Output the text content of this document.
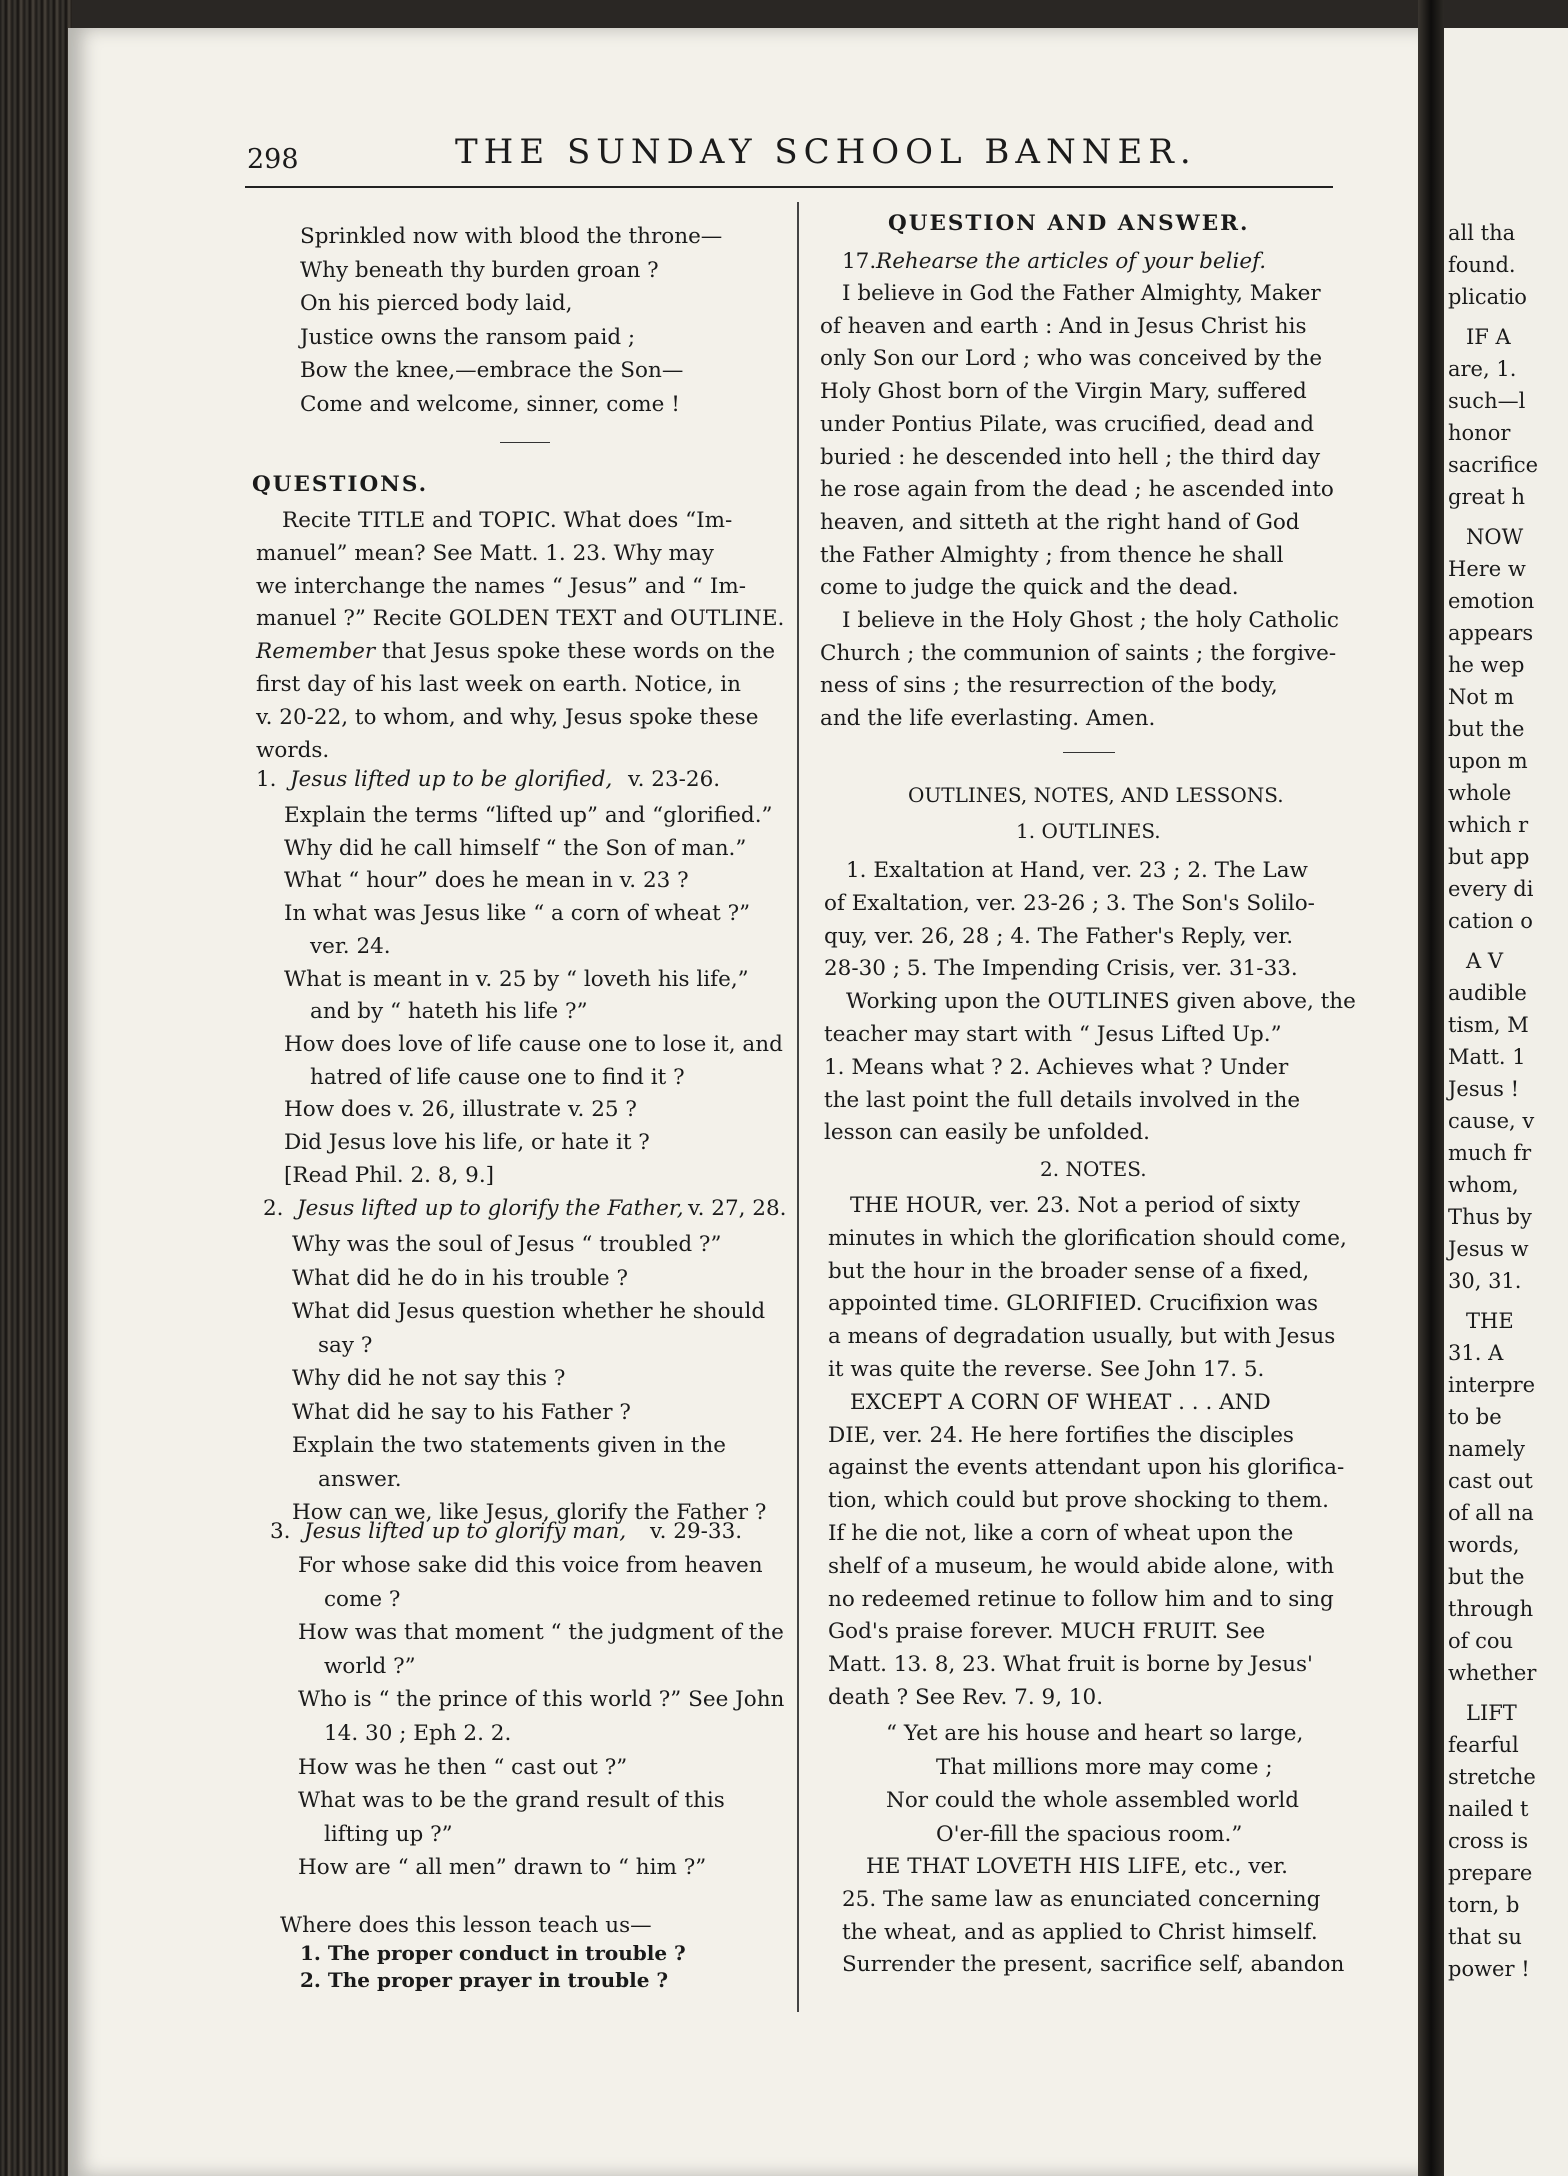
all tha
found.
plicatio
IF A
are, 1.
such—l
honor
sacrifice
great h
NOW
Here w
emotion
appears
he wep
Not m
but the
upon m
whole
which r
but app
every di
cation o
A V
audible
tism, M
Matt. 1
Jesus !
cause, v
much fr
whom,
Thus by
Jesus w
30, 31.
THE
31. A
interpre
to be
namely
cast out
of all na
words,
but the
through
of cou
whether
LIFT
fearful
stretche
nailed t
cross is
prepare
torn, b
that su
power !
298	THE SUNDAY SCHOOL BANNER.
Sprinkled now with blood the throne—
Why beneath thy burden groan ?
On his pierced body laid,
Justice owns the ransom paid ;
Bow the knee,—embrace the Son—
Come and welcome, sinner, come !
QUESTIONS.
Recite TITLE and TOPIC. What does “Im-
manuel” mean? See Matt. 1. 23. Why may
we interchange the names “ Jesus” and “ Im-
manuel ?” Recite GOLDEN TEXT and OUTLINE.
Remember that Jesus spoke these words on the
first day of his last week on earth. Notice, in
v. 20-22, to whom, and why, Jesus spoke these
words.
1. Jesus lifted up to be glorified, v. 23-26.
Explain the terms “lifted up” and “glorified.”
Why did he call himself “ the Son of man.”
What “ hour” does he mean in v. 23 ?
In what was Jesus like “ a corn of wheat ?”
ver. 24.
What is meant in v. 25 by “ loveth his life,”
and by “ hateth his life ?”
How does love of life cause one to lose it, and
hatred of life cause one to find it ?
How does v. 26, illustrate v. 25 ?
Did Jesus love his life, or hate it ?
[Read Phil. 2. 8, 9.]
2. Jesus lifted up to glorify the Father, v. 27, 28.
Why was the soul of Jesus “ troubled ?”
What did he do in his trouble ?
What did Jesus question whether he should
say ?
Why did he not say this ?
What did he say to his Father ?
Explain the two statements given in the
answer.
How can we, like Jesus, glorify the Father ?
3. Jesus lifted up to glorify man, v. 29-33.
For whose sake did this voice from heaven
come ?
How was that moment “ the judgment of the
world ?”
Who is “ the prince of this world ?” See John
14. 30 ; Eph 2. 2.
How was he then “ cast out ?”
What was to be the grand result of this
lifting up ?”
How are “ all men” drawn to “ him ?”
Where does this lesson teach us—
1. The proper conduct in trouble ?
2. The proper prayer in trouble ?
QUESTION AND ANSWER.
17. Rehearse the articles of your belief.
I believe in God the Father Almighty, Maker
of heaven and earth : And in Jesus Christ his
only Son our Lord ; who was conceived by the
Holy Ghost born of the Virgin Mary, suffered
under Pontius Pilate, was crucified, dead and
buried : he descended into hell ; the third day
he rose again from the dead ; he ascended into
heaven, and sitteth at the right hand of God
the Father Almighty ; from thence he shall
come to judge the quick and the dead.
I believe in the Holy Ghost ; the holy Catholic
Church ; the communion of saints ; the forgive-
ness of sins ; the resurrection of the body,
and the life everlasting. Amen.
OUTLINES, NOTES, AND LESSONS.
1. OUTLINES.
1. Exaltation at Hand, ver. 23 ; 2. The Law
of Exaltation, ver. 23-26 ; 3. The Son's Solilo-
quy, ver. 26, 28 ; 4. The Father's Reply, ver.
28-30 ; 5. The Impending Crisis, ver. 31-33.
Working upon the OUTLINES given above, the
teacher may start with “ Jesus Lifted Up.”
1. Means what ? 2. Achieves what ? Under
the last point the full details involved in the
lesson can easily be unfolded.
2. NOTES.
THE HOUR, ver. 23. Not a period of sixty
minutes in which the glorification should come,
but the hour in the broader sense of a fixed,
appointed time. GLORIFIED. Crucifixion was
a means of degradation usually, but with Jesus
it was quite the reverse. See John 17. 5.
EXCEPT A CORN OF WHEAT . . . AND
DIE, ver. 24. He here fortifies the disciples
against the events attendant upon his glorifica-
tion, which could but prove shocking to them.
If he die not, like a corn of wheat upon the
shelf of a museum, he would abide alone, with
no redeemed retinue to follow him and to sing
God's praise forever. MUCH FRUIT. See
Matt. 13. 8, 23. What fruit is borne by Jesus'
death ? See Rev. 7. 9, 10.
“ Yet are his house and heart so large,
That millions more may come ;
Nor could the whole assembled world
O'er-fill the spacious room.”
HE THAT LOVETH HIS LIFE, etc., ver.
25. The same law as enunciated concerning
the wheat, and as applied to Christ himself.
Surrender the present, sacrifice self, abandon
